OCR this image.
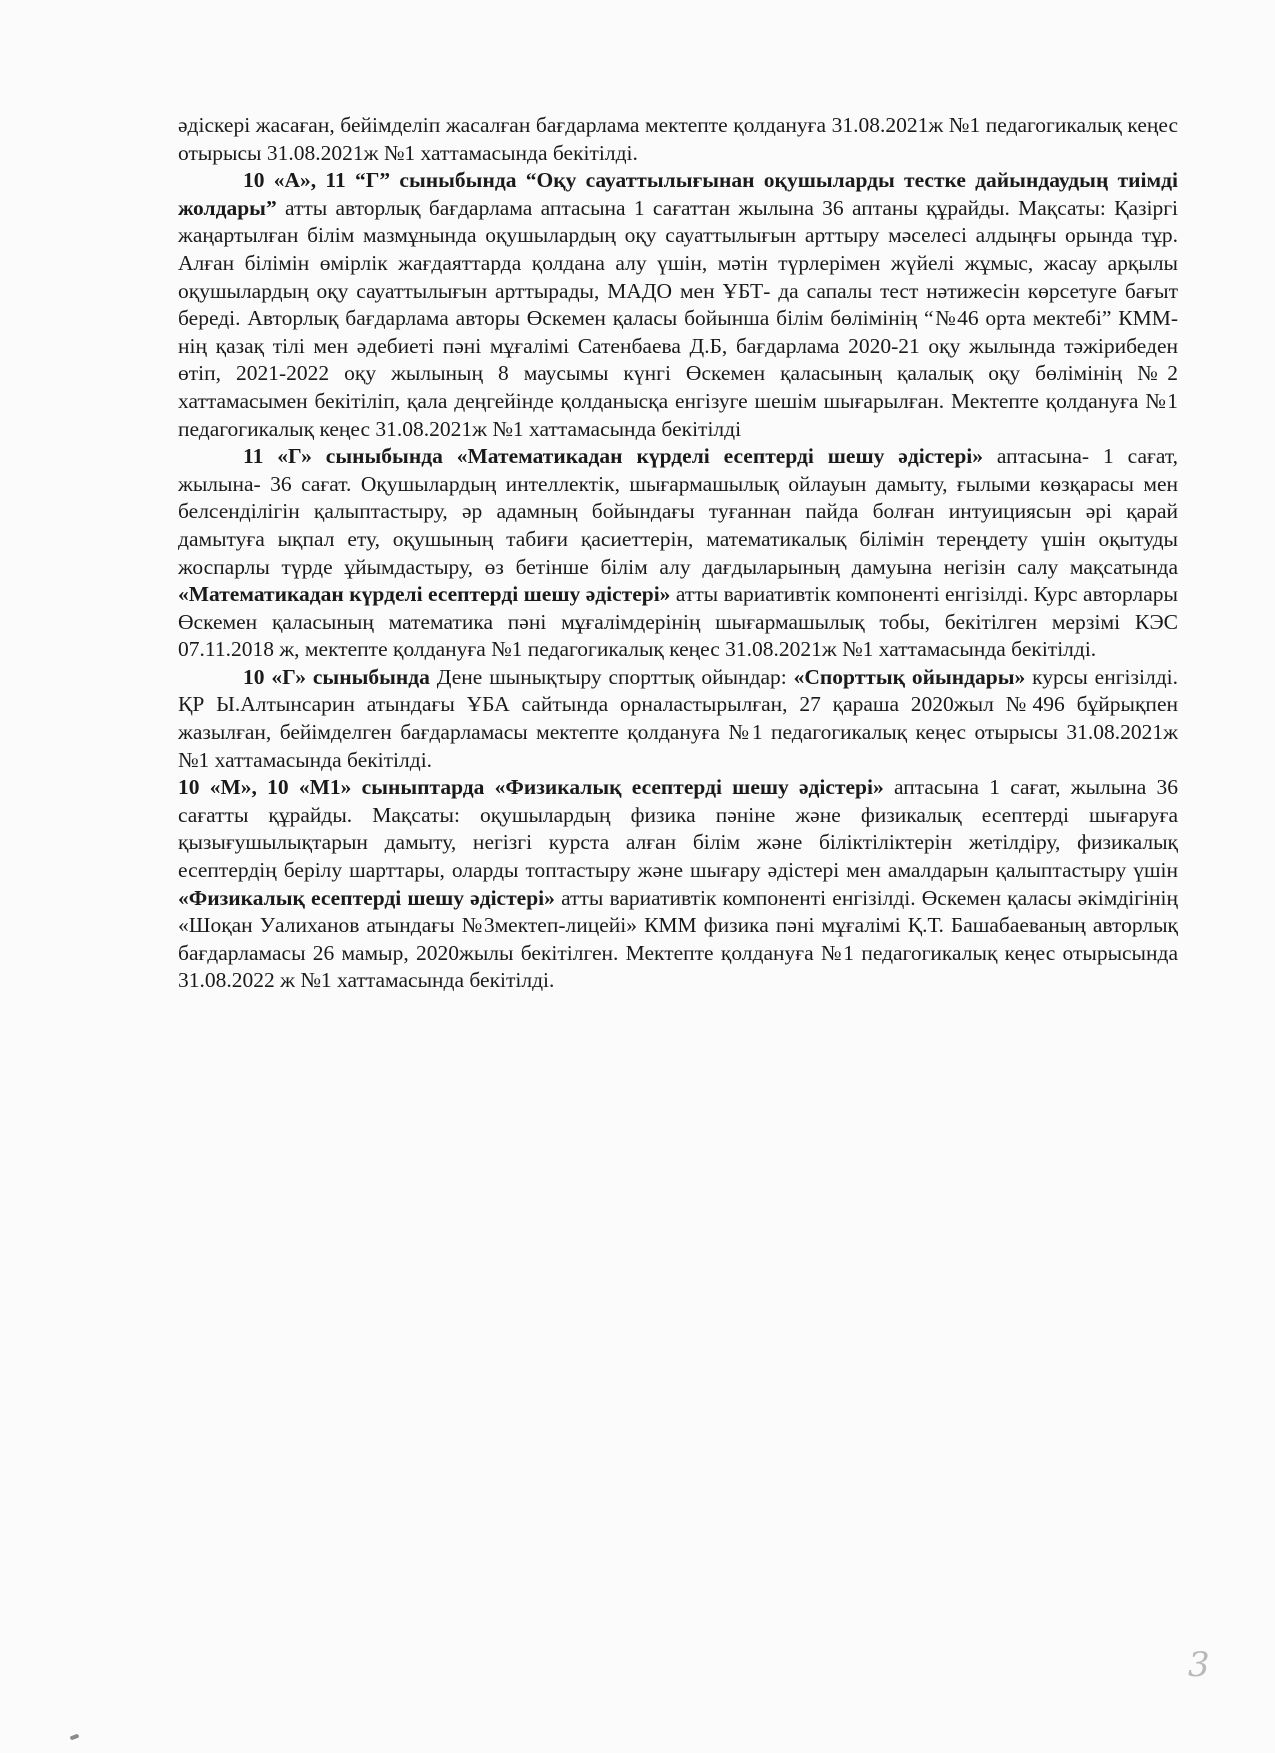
әдіскері жасаған, бейімделіп жасалған бағдарлама мектепте қолдануға 31.08.2021ж №1 педагогикалық кеңес отырысы 31.08.2021ж №1 хаттамасында бекітілді.

10 «А», 11 “Г” сыныбында “Оқу сауаттылығынан оқушыларды тестке дайындаудың тиімді жолдары” атты авторлық бағдарлама аптасына 1 сағаттан жылына 36 аптаны құрайды. Мақсаты: Қазіргі жаңартылған білім мазмұнында оқушылардың оқу сауаттылығын арттыру мәселесі алдыңғы орында тұр. Алған білімін өмірлік жағдаяттарда қолдана алу үшін, мәтін түрлерімен жүйелі жұмыс, жасау арқылы оқушылардың оқу сауаттылығын арттырады, МАДО мен ҰБТ- да сапалы тест нәтижесін көрсетуге бағыт береді. Авторлық бағдарлама авторы Өскемен қаласы бойынша білім бөлімінің “№46 орта мектебі” КММ-нің қазақ тілі мен әдебиеті пәні мұғалімі Сатенбаева Д.Б, бағдарлама 2020-21 оқу жылында тәжірибеден өтіп, 2021-2022 оқу жылының 8 маусымы күнгі Өскемен қаласының қалалық оқу бөлімінің №2 хаттамасымен бекітіліп, қала деңгейінде қолданысқа енгізуге шешім шығарылған. Мектепте қолдануға №1 педагогикалық кеңес 31.08.2021ж №1 хаттамасында бекітілді

11 «Г» сыныбында «Математикадан күрделі есептерді шешу әдістері» аптасына- 1 сағат, жылына- 36 сағат. Оқушылардың интеллектік, шығармашылық ойлауын дамыту, ғылыми көзқарасы мен белсенділігін қалыптастыру, әр адамның бойындағы туғаннан пайда болған интуициясын әрі қарай дамытуға ықпал ету, оқушының табиғи қасиеттерін, математикалық білімін тереңдету үшін оқытуды жоспарлы түрде ұйымдастыру, өз бетінше білім алу дағдыларының дамуына негізін салу мақсатында «Математикадан күрделі есептерді шешу әдістері» атты вариативтік компоненті енгізілді. Курс авторлары Өскемен қаласының математика пәні мұғалімдерінің шығармашылық тобы, бекітілген мерзімі КЭС 07.11.2018 ж, мектепте қолдануға №1 педагогикалық кеңес 31.08.2021ж №1 хаттамасында бекітілді.

10 «Г» сыныбында Дене шынықтыру спорттық ойындар: «Спорттық ойындары» курсы енгізілді. ҚР Ы.Алтынсарин атындағы ҰБА сайтында орналастырылған, 27 қараша 2020жыл №496 бұйрықпен жазылған, бейімделген бағдарламасы мектепте қолдануға №1 педагогикалық кеңес отырысы 31.08.2021ж №1 хаттамасында бекітілді.

10 «М», 10 «М1» сыныптарда «Физикалық есептерді шешу әдістері» аптасына 1 сағат, жылына 36 сағатты құрайды. Мақсаты: оқушылардың физика пәніне және физикалық есептерді шығаруға қызығушылықтарын дамыту, негізгі курста алған білім және біліктіліктерін жетілдіру, физикалық есептердің берілу шарттары, оларды топтастыру және шығару әдістері мен амалдарын қалыптастыру үшін «Физикалық есептерді шешу әдістері» атты вариативтік компоненті енгізілді. Өскемен қаласы әкімдігінің «Шоқан Уалиханов атындағы №3мектеп-лицейі» КММ физика пәні мұғалімі Қ.Т. Башабаеваның авторлық бағдарламасы 26 мамыр, 2020жылы бекітілген. Мектепте қолдануға №1 педагогикалық кеңес отырысында 31.08.2022 ж №1 хаттамасында бекітілді.

3
